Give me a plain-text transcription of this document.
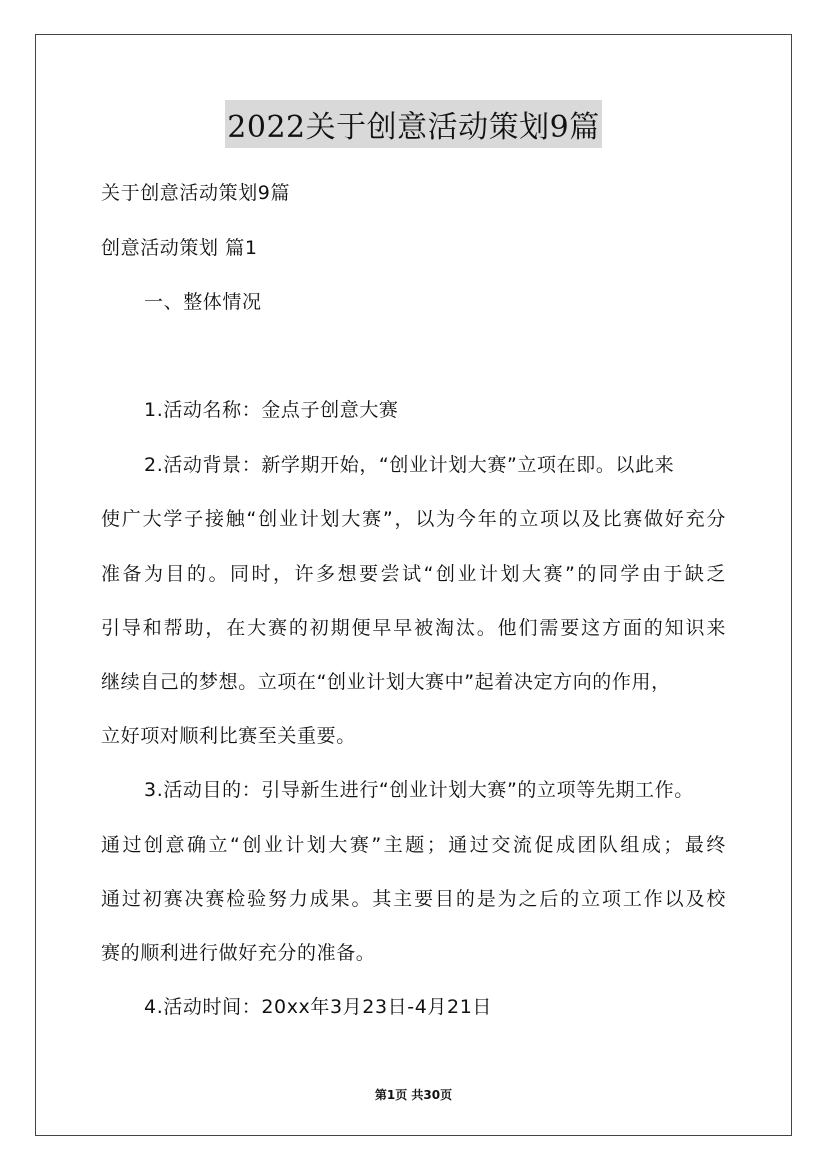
2022关于创意活动策划9篇
关于创意活动策划9篇
创意活动策划 篇1
一、整体情况
1.活动名称：金点子创意大赛
2.活动背景：新学期开始，“创业计划大赛”立项在即。以此来
使广大学子接触“创业计划大赛”，以为今年的立项以及比赛做好充分
准备为目的。同时，许多想要尝试“创业计划大赛”的同学由于缺乏
引导和帮助，在大赛的初期便早早被淘汰。他们需要这方面的知识来
继续自己的梦想。立项在“创业计划大赛中”起着决定方向的作用，
立好项对顺利比赛至关重要。
3.活动目的：引导新生进行“创业计划大赛”的立项等先期工作。
通过创意确立“创业计划大赛”主题；通过交流促成团队组成；最终
通过初赛决赛检验努力成果。其主要目的是为之后的立项工作以及校
赛的顺利进行做好充分的准备。
4.活动时间：20xx年3月23日-4月21日
第1页 共30页
